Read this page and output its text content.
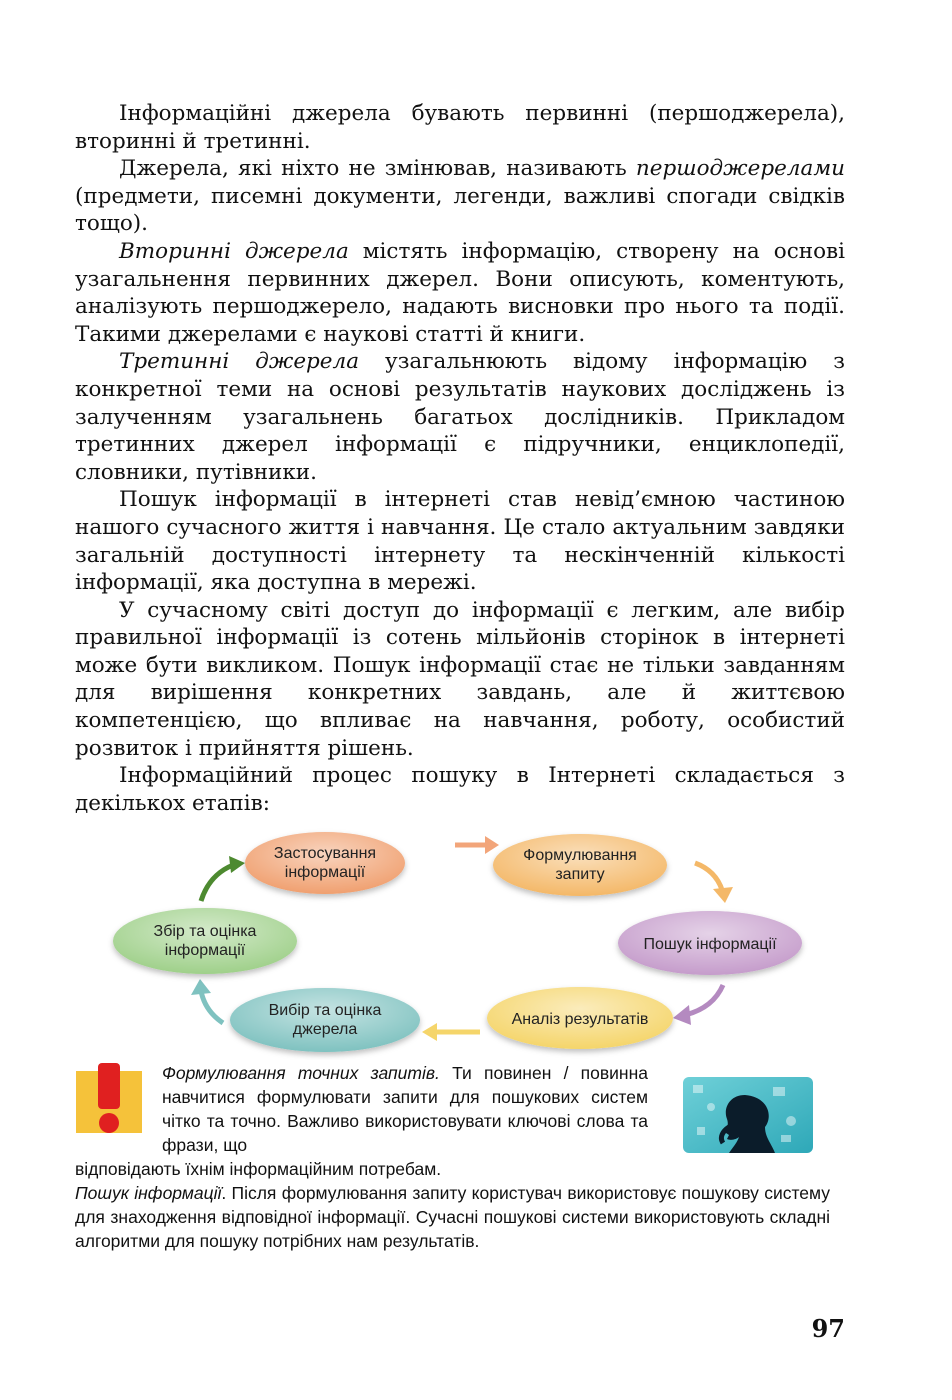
Інформаційні джерела бувають первинні (першоджерела), вторинні й третинні.

Джерела, які ніхто не змінював, називають першоджерелами (предмети, писемні документи, легенди, важливі спогади свідків тощо).

Вторинні джерела містять інформацію, створену на основі узагальнення первинних джерел. Вони описують, коментують, аналізують першоджерело, надають висновки про нього та події. Такими джерелами є наукові статті й книги.

Третинні джерела узагальнюють відому інформацію з конкретної теми на основі результатів наукових досліджень із залученням узагальнень багатьох дослідників. Прикладом третинних джерел інформації є підручники, енциклопедії, словники, путівники.

Пошук інформації в інтернеті став невід’ємною частиною нашого сучасного життя і навчання. Це стало актуальним завдяки загальній доступності інтернету та нескінченній кількості інформації, яка доступна в мережі.

У сучасному світі доступ до інформації є легким, але вибір правильної інформації із сотень мільйонів сторінок в інтернеті може бути викликом. Пошук інформації стає не тільки завданням для вирішення конкретних завдань, але й життєвою компетенцією, що впливає на навчання, роботу, особистий розвиток і прийняття рішень.

Інформаційний процес пошуку в Інтернеті складається з декількох етапів:

Застосування
інформації
Формулювання
запиту
Пошук інформації
Аналіз результатів
Вибір та оцінка
джерела
Збір та оцінка
інформації

Формулювання точних запитів. Ти повинен / повинна навчитися формулювати запити для пошукових систем чітко та точно. Важливо використовувати ключові слова та фрази, що

відповідають їхнім інформаційним потребам.

Пошук інформації. Після формулювання запиту користувач використовує пошукову систему для знаходження відповідної інформації. Сучасні пошукові системи використовують складні алгоритми для пошуку потрібних нам результатів.

97
